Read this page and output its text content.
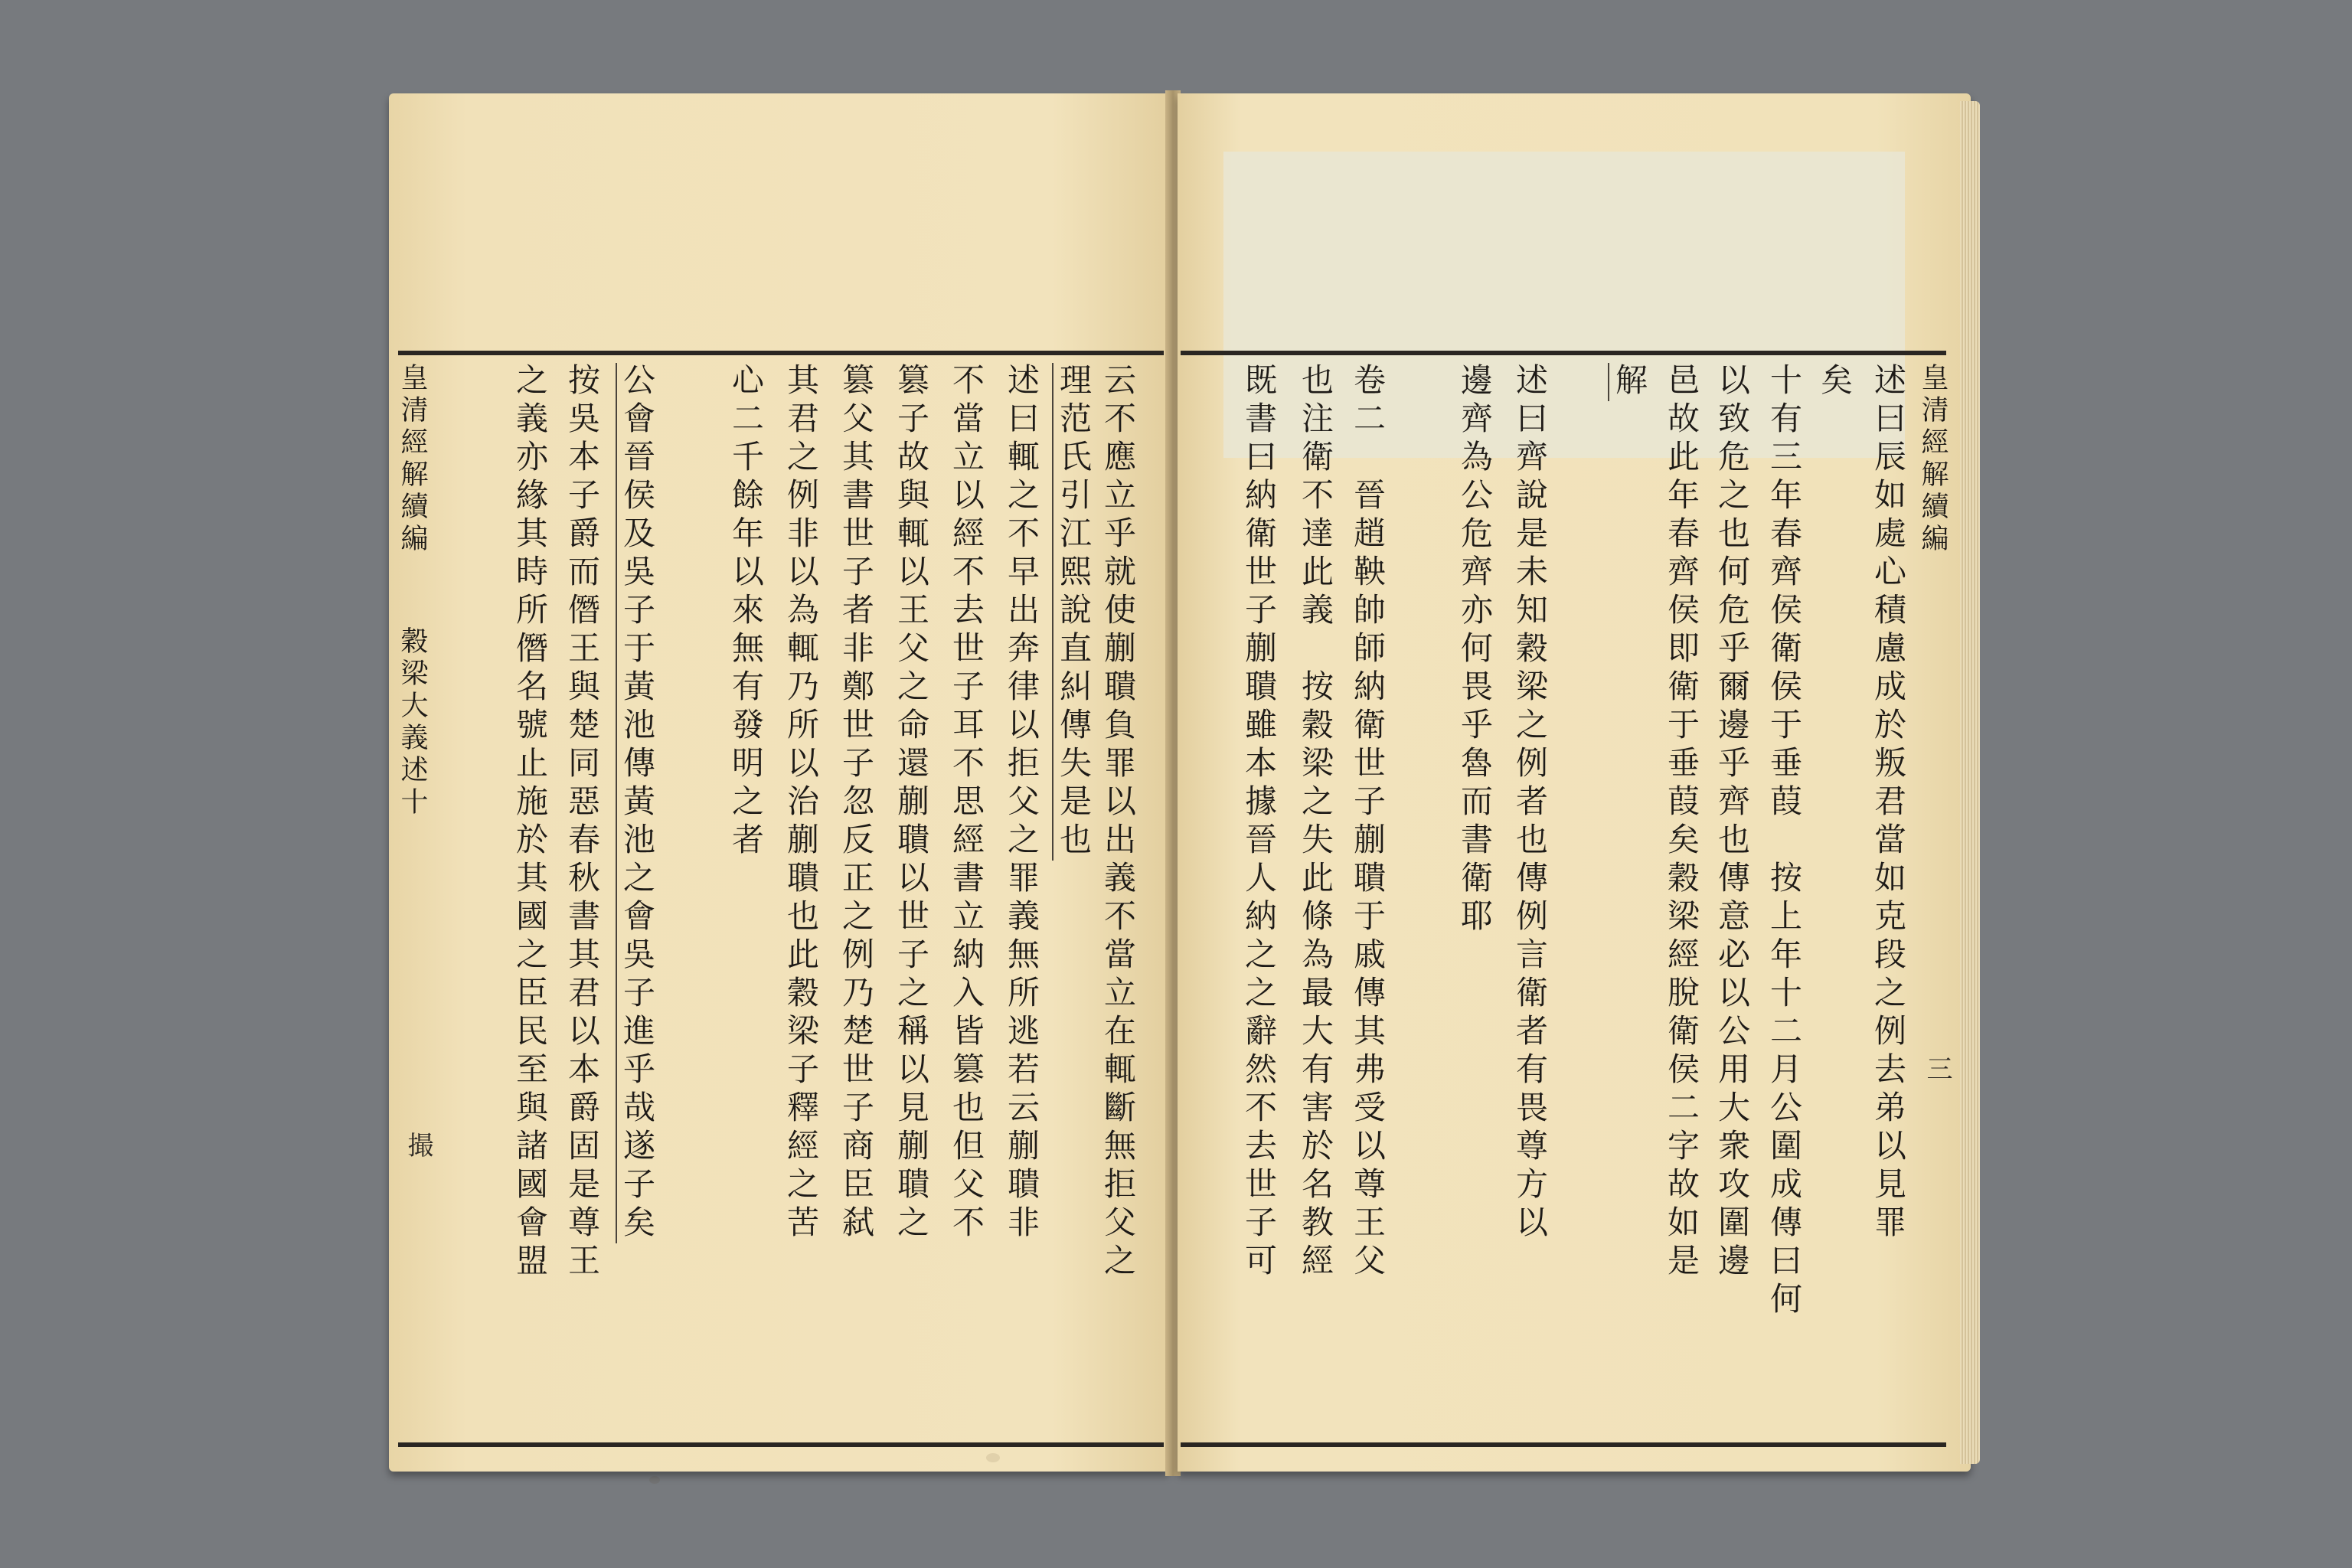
云不應立乎就使蒯聵負罪以出義不當立在輒斷無拒父之
理范氏引江熙說直糾傳失是也
述曰輒之不早出奔律以拒父之罪義無所逃若云蒯聵非
不當立以經不去世子耳不思經書立納入皆篡也但父不
篡子故與輒以王父之命還蒯聵以世子之稱以見蒯聵之
篡父其書世子者非鄭世子忽反正之例乃楚世子商臣弑
其君之例非以為輒乃所以治蒯聵也此穀梁子釋經之苦
心二千餘年以來無有發明之者
公會晉侯及吳子于黃池傳黃池之會吳子進乎哉遂子矣
按吳本子爵而僭王與楚同惡春秋書其君以本爵固是尊王
之義亦緣其時所僭名號止施於其國之臣民至與諸國會盟
皇清經解續編
穀梁大義述十
撮
皇清經解續編
三
述曰辰如處心積慮成於叛君當如克段之例去弟以見罪
矣
十有三年春齊侯衛侯于垂葭　按上年十二月公圍成傳曰何
以致危之也何危乎爾邊乎齊也傳意必以公用大衆攻圍邊
邑故此年春齊侯即衛于垂葭矣穀梁經脫衛侯二字故如是
解
述曰齊說是未知穀梁之例者也傳例言衛者有畏尊方以
邊齊為公危齊亦何畏乎魯而書衛耶
卷二　晉趙鞅帥師納衛世子蒯聵于戚傳其弗受以尊王父
也注衛不達此義　按穀梁之失此條為最大有害於名教經
既書曰納衛世子蒯聵雖本據晉人納之之辭然不去世子可
